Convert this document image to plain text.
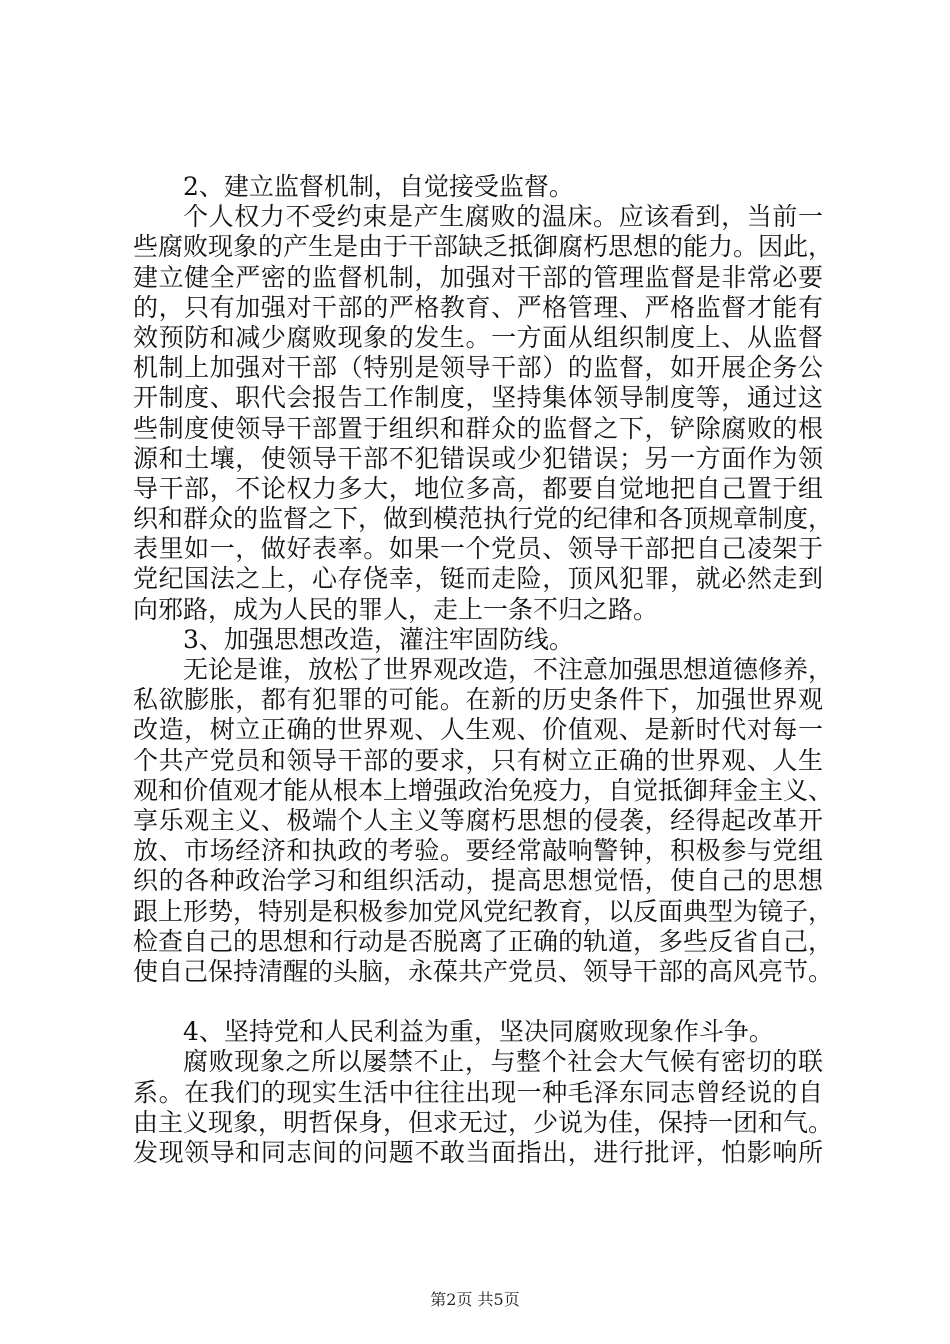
2、建立监督机制，自觉接受监督。
个人权力不受约束是产生腐败的温床。应该看到，当前一
些腐败现象的产生是由于干部缺乏抵御腐朽思想的能力。因此，
建立健全严密的监督机制，加强对干部的管理监督是非常必要
的，只有加强对干部的严格教育、严格管理、严格监督才能有
效预防和减少腐败现象的发生。一方面从组织制度上、从监督
机制上加强对干部（特别是领导干部）的监督，如开展企务公
开制度、职代会报告工作制度，坚持集体领导制度等，通过这
些制度使领导干部置于组织和群众的监督之下，铲除腐败的根
源和土壤，使领导干部不犯错误或少犯错误；另一方面作为领
导干部，不论权力多大，地位多高，都要自觉地把自己置于组
织和群众的监督之下，做到模范执行党的纪律和各顶规章制度，
表里如一，做好表率。如果一个党员、领导干部把自己凌架于
党纪国法之上，心存侥幸，铤而走险，顶风犯罪，就必然走到
向邪路，成为人民的罪人，走上一条不归之路。
3、加强思想改造，灌注牢固防线。
无论是谁，放松了世界观改造，不注意加强思想道德修养，
私欲膨胀，都有犯罪的可能。在新的历史条件下，加强世界观
改造，树立正确的世界观、人生观、价值观、是新时代对每一
个共产党员和领导干部的要求，只有树立正确的世界观、人生
观和价值观才能从根本上增强政治免疫力，自觉抵御拜金主义、
享乐观主义、极端个人主义等腐朽思想的侵袭，经得起改革开
放、市场经济和执政的考验。要经常敲响警钟，积极参与党组
织的各种政治学习和组织活动，提高思想觉悟，使自己的思想
跟上形势，特别是积极参加党风党纪教育，以反面典型为镜子，
检查自己的思想和行动是否脱离了正确的轨道，多些反省自己，
使自己保持清醒的头脑，永葆共产党员、领导干部的高风亮节。
4、坚持党和人民利益为重，坚决同腐败现象作斗争。
腐败现象之所以屡禁不止，与整个社会大气候有密切的联
系。在我们的现实生活中往往出现一种毛泽东同志曾经说的自
由主义现象，明哲保身，但求无过，少说为佳，保持一团和气。
发现领导和同志间的问题不敢当面指出，进行批评，怕影响所
第2页 共5页
